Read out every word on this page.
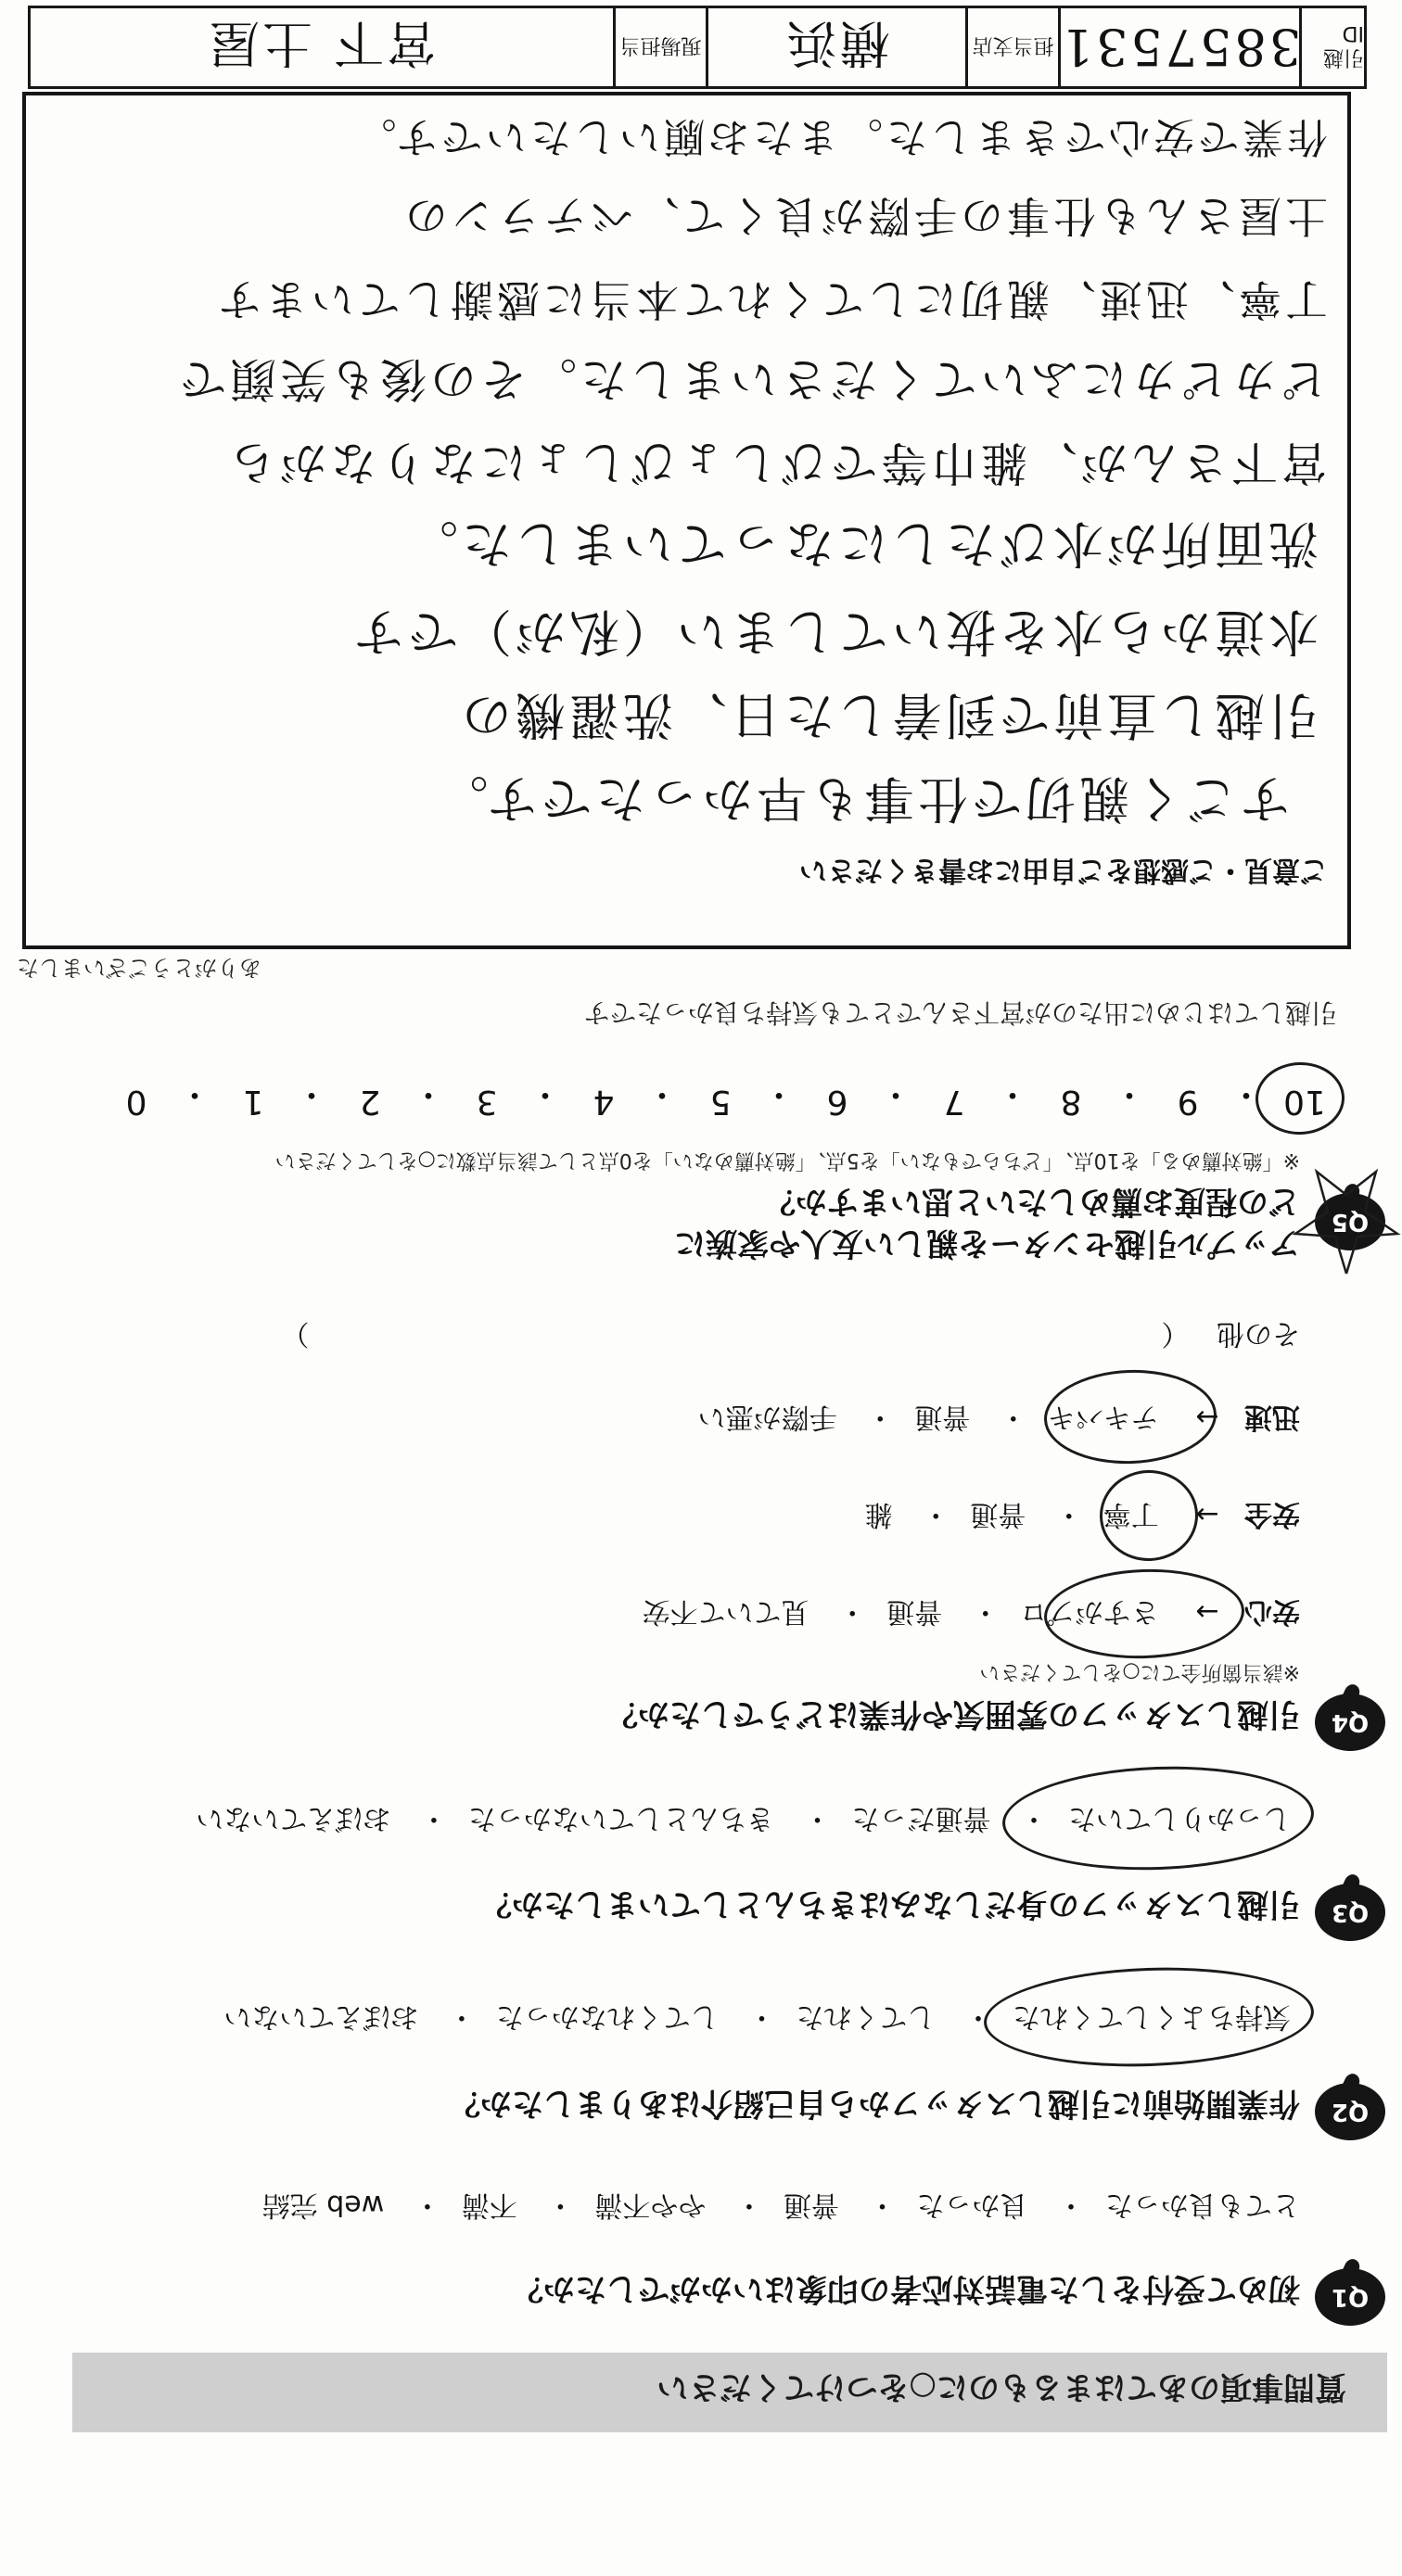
質問事項のあてはまるものに○をつけてください
Q1
初めて受付をした電話対応者の印象はいかがでしたか？
とても良かった・ 良かった・ 普通・ やや不満・ 不満・ web 完結
Q2
作業開始前に引越しスタッフから自己紹介はありましたか？
気持ちよくしてくれた・ してくれた・ してくれなかった・ おぼえていない
Q3
引越しスタッフの身だしなみはきちんとしていましたか？
しっかりしていた・ 普通だった・ きちんとしていなかった・ おぼえていない
Q4
引越しスタッフの雰囲気や作業はどうでしたか？
※該当箇所全てに○をしてください
安心 → さすがプロ・ 普通・ 見ていて不安
安全 → 丁寧・ 普通・ 雑
迅速 → テキパキ・ 普通・ 手際が悪い
その他 （  ）
Q5
アップル引越センターを親しい友人や家族に
どの程度お薦めしたいと思いますか？
※「絶対薦める」を10点、「どちらでもない」を5点、「絶対薦めない」を0点として該当点数に○をしてください
10
・
9
・
8
・
7
・
6
・
5
・
4
・
3
・
2
・
1
・
0
引越してはじめに出たのが宮下さんでとても気持ち良かったです
ありがとうございました
ご意見・ご感想をご自由にお書きください
すごく親切で仕事も早かったです。
引越し直前で到着した日、洗濯機の
水道から水を抜いてしまい（私が）です
洗面所が水びたしになっていました。
宮下さんが、雑巾等でびしょびしょになりながら
ピカピカにふいてくださいました。その後も笑顔で
丁寧、迅速、親切にしてくれて本当に感謝しています
土屋さんも仕事の手際が良くて、ベテランの
作業で安心できました。またお願いしたいです。
引越ID
3857531
担当支店
横浜
現場担当
宮下 土屋
